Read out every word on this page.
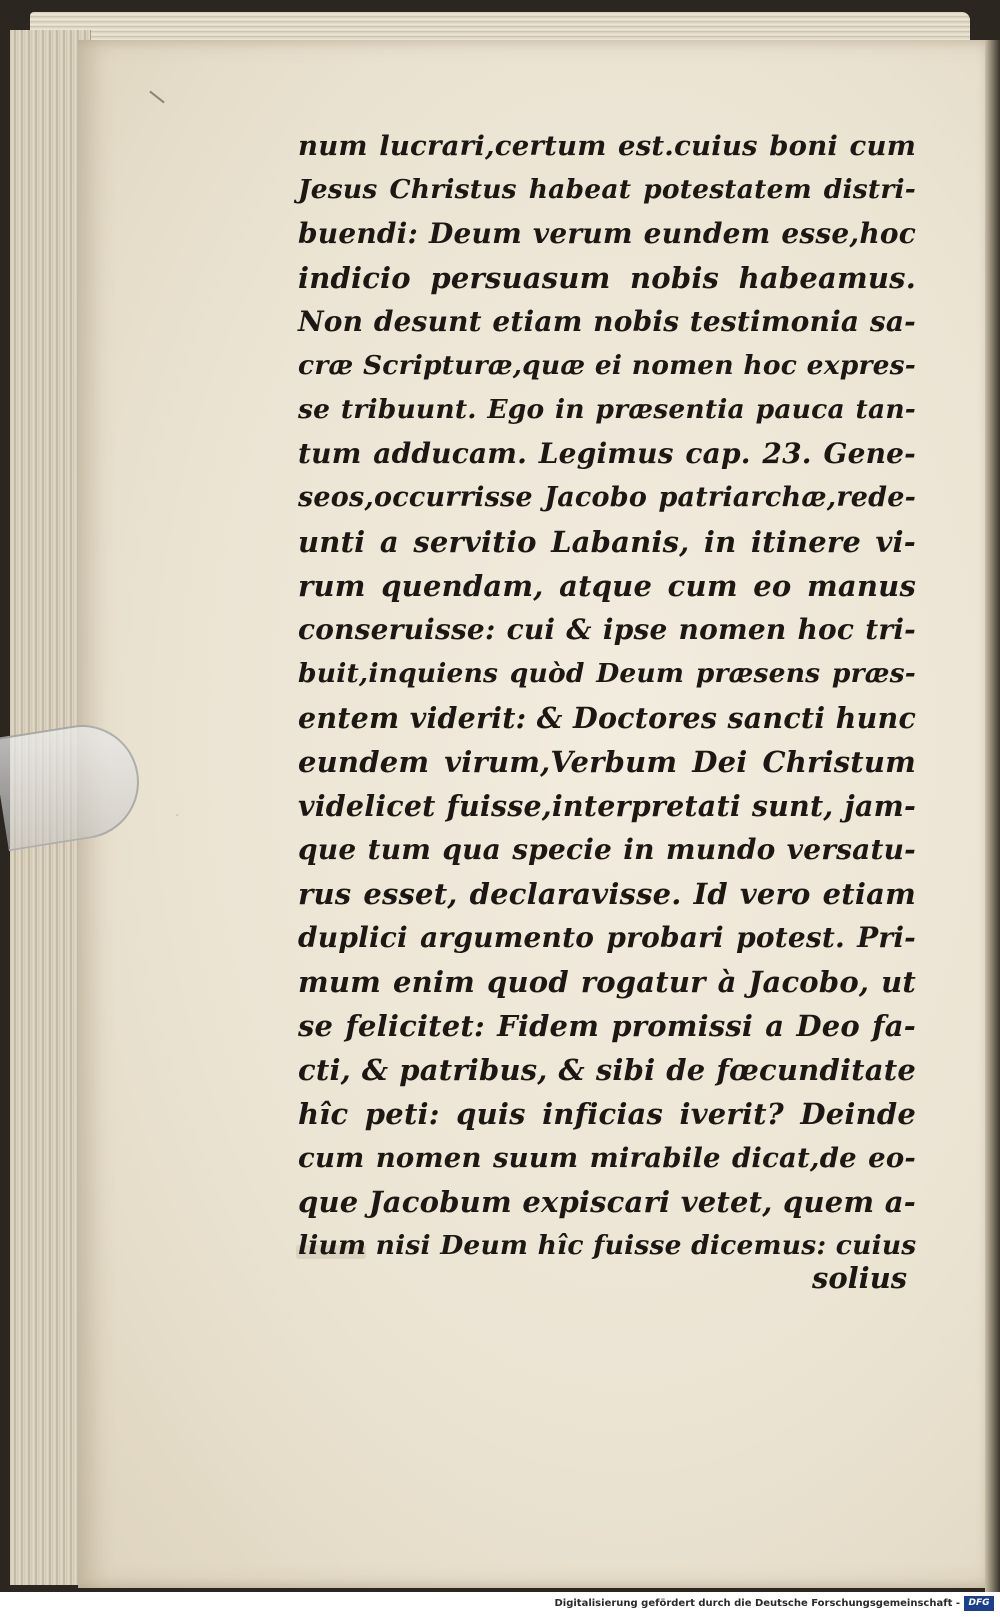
·
num lucrari,certum est.cuius boni cum
Jesus Christus habeat potestatem distri-
buendi: Deum verum eundem esse,hoc
indicio persuasum nobis habeamus.
Non desunt etiam nobis testimonia sa-
cræ Scripturæ,quæ ei nomen hoc expres-
se tribuunt. Ego in præsentia pauca tan-
tum adducam. Legimus cap. 23. Gene-
seos,occurrisse Jacobo patriarchæ,rede-
unti a servitio Labanis, in itinere vi-
rum quendam, atque cum eo manus
conseruisse: cui & ipse nomen hoc tri-
buit,inquiens quòd Deum præsens præs-
entem viderit: & Doctores sancti hunc
eundem virum,Verbum Dei Christum
videlicet fuisse,interpretati sunt, jam-
que tum qua specie in mundo versatu-
rus esset, declaravisse. Id vero etiam
duplici argumento probari potest. Pri-
mum enim quod rogatur à Jacobo, ut
se felicitet: Fidem promissi a Deo fa-
cti, & patribus, & sibi de fœcunditate
hîc peti: quis inficias iverit? Deinde
cum nomen suum mirabile dicat,de eo-
que Jacobum expiscari vetet, quem a-
lium nisi Deum hîc fuisse dicemus: cuius
solius
Digitalisierung gefördert durch die Deutsche Forschungsgemeinschaft - DFG
